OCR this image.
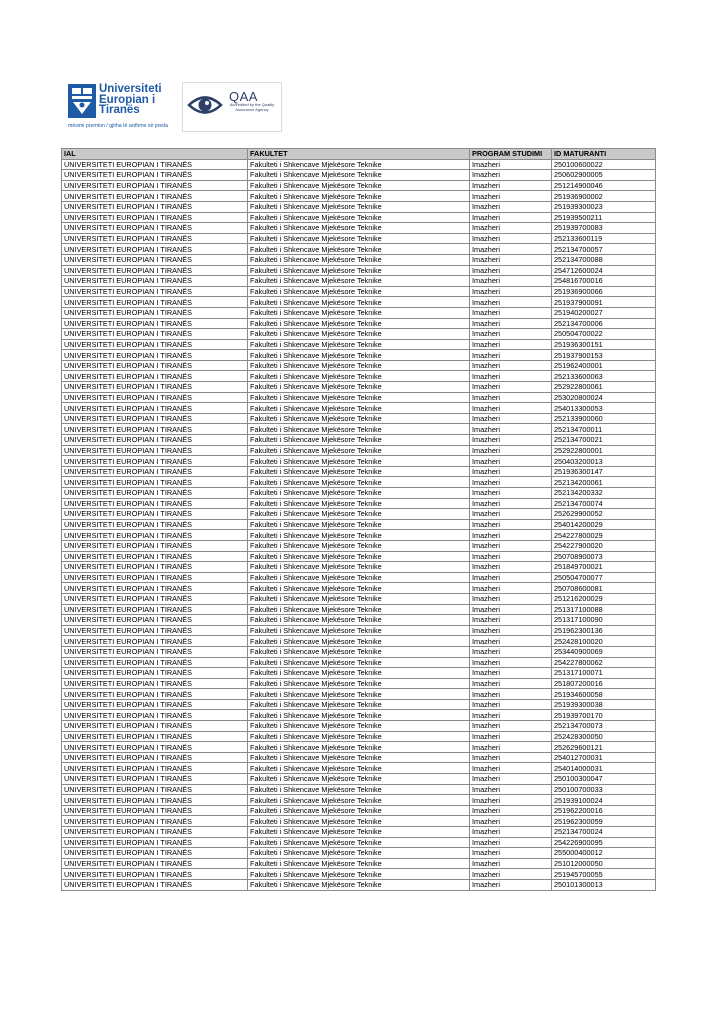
Universiteti
Europian i
Tiranës
mësimi premton / gjitha të ardhme së preda
QAA
Accredited by the Quality Assurance Agency
IAL	FAKULTET	PROGRAM STUDIMI	ID MATURANTI
UNIVERSITETI EUROPIAN I TIRANËS	Fakulteti i Shkencave Mjekësore Teknike	Imazheri	250100600022
UNIVERSITETI EUROPIAN I TIRANËS	Fakulteti i Shkencave Mjekësore Teknike	Imazheri	250602900005
UNIVERSITETI EUROPIAN I TIRANËS	Fakulteti i Shkencave Mjekësore Teknike	Imazheri	251214900046
UNIVERSITETI EUROPIAN I TIRANËS	Fakulteti i Shkencave Mjekësore Teknike	Imazheri	251936900002
UNIVERSITETI EUROPIAN I TIRANËS	Fakulteti i Shkencave Mjekësore Teknike	Imazheri	251939300023
UNIVERSITETI EUROPIAN I TIRANËS	Fakulteti i Shkencave Mjekësore Teknike	Imazheri	251939500211
UNIVERSITETI EUROPIAN I TIRANËS	Fakulteti i Shkencave Mjekësore Teknike	Imazheri	251939700083
UNIVERSITETI EUROPIAN I TIRANËS	Fakulteti i Shkencave Mjekësore Teknike	Imazheri	252133600119
UNIVERSITETI EUROPIAN I TIRANËS	Fakulteti i Shkencave Mjekësore Teknike	Imazheri	252134700057
UNIVERSITETI EUROPIAN I TIRANËS	Fakulteti i Shkencave Mjekësore Teknike	Imazheri	252134700088
UNIVERSITETI EUROPIAN I TIRANËS	Fakulteti i Shkencave Mjekësore Teknike	Imazheri	254712600024
UNIVERSITETI EUROPIAN I TIRANËS	Fakulteti i Shkencave Mjekësore Teknike	Imazheri	254816700016
UNIVERSITETI EUROPIAN I TIRANËS	Fakulteti i Shkencave Mjekësore Teknike	Imazheri	251936900066
UNIVERSITETI EUROPIAN I TIRANËS	Fakulteti i Shkencave Mjekësore Teknike	Imazheri	251937900091
UNIVERSITETI EUROPIAN I TIRANËS	Fakulteti i Shkencave Mjekësore Teknike	Imazheri	251940200027
UNIVERSITETI EUROPIAN I TIRANËS	Fakulteti i Shkencave Mjekësore Teknike	Imazheri	252134700006
UNIVERSITETI EUROPIAN I TIRANËS	Fakulteti i Shkencave Mjekësore Teknike	Imazheri	250504700022
UNIVERSITETI EUROPIAN I TIRANËS	Fakulteti i Shkencave Mjekësore Teknike	Imazheri	251936300151
UNIVERSITETI EUROPIAN I TIRANËS	Fakulteti i Shkencave Mjekësore Teknike	Imazheri	251937900153
UNIVERSITETI EUROPIAN I TIRANËS	Fakulteti i Shkencave Mjekësore Teknike	Imazheri	251962400001
UNIVERSITETI EUROPIAN I TIRANËS	Fakulteti i Shkencave Mjekësore Teknike	Imazheri	252133600063
UNIVERSITETI EUROPIAN I TIRANËS	Fakulteti i Shkencave Mjekësore Teknike	Imazheri	252922800061
UNIVERSITETI EUROPIAN I TIRANËS	Fakulteti i Shkencave Mjekësore Teknike	Imazheri	253020800024
UNIVERSITETI EUROPIAN I TIRANËS	Fakulteti i Shkencave Mjekësore Teknike	Imazheri	254013300053
UNIVERSITETI EUROPIAN I TIRANËS	Fakulteti i Shkencave Mjekësore Teknike	Imazheri	252133900060
UNIVERSITETI EUROPIAN I TIRANËS	Fakulteti i Shkencave Mjekësore Teknike	Imazheri	252134700011
UNIVERSITETI EUROPIAN I TIRANËS	Fakulteti i Shkencave Mjekësore Teknike	Imazheri	252134700021
UNIVERSITETI EUROPIAN I TIRANËS	Fakulteti i Shkencave Mjekësore Teknike	Imazheri	252922800001
UNIVERSITETI EUROPIAN I TIRANËS	Fakulteti i Shkencave Mjekësore Teknike	Imazheri	250403200013
UNIVERSITETI EUROPIAN I TIRANËS	Fakulteti i Shkencave Mjekësore Teknike	Imazheri	251936300147
UNIVERSITETI EUROPIAN I TIRANËS	Fakulteti i Shkencave Mjekësore Teknike	Imazheri	252134200061
UNIVERSITETI EUROPIAN I TIRANËS	Fakulteti i Shkencave Mjekësore Teknike	Imazheri	252134200332
UNIVERSITETI EUROPIAN I TIRANËS	Fakulteti i Shkencave Mjekësore Teknike	Imazheri	252134700074
UNIVERSITETI EUROPIAN I TIRANËS	Fakulteti i Shkencave Mjekësore Teknike	Imazheri	252629900052
UNIVERSITETI EUROPIAN I TIRANËS	Fakulteti i Shkencave Mjekësore Teknike	Imazheri	254014200029
UNIVERSITETI EUROPIAN I TIRANËS	Fakulteti i Shkencave Mjekësore Teknike	Imazheri	254227800029
UNIVERSITETI EUROPIAN I TIRANËS	Fakulteti i Shkencave Mjekësore Teknike	Imazheri	254227900020
UNIVERSITETI EUROPIAN I TIRANËS	Fakulteti i Shkencave Mjekësore Teknike	Imazheri	250708900073
UNIVERSITETI EUROPIAN I TIRANËS	Fakulteti i Shkencave Mjekësore Teknike	Imazheri	251849700021
UNIVERSITETI EUROPIAN I TIRANËS	Fakulteti i Shkencave Mjekësore Teknike	Imazheri	250504700077
UNIVERSITETI EUROPIAN I TIRANËS	Fakulteti i Shkencave Mjekësore Teknike	Imazheri	250708600081
UNIVERSITETI EUROPIAN I TIRANËS	Fakulteti i Shkencave Mjekësore Teknike	Imazheri	251216200029
UNIVERSITETI EUROPIAN I TIRANËS	Fakulteti i Shkencave Mjekësore Teknike	Imazheri	251317100088
UNIVERSITETI EUROPIAN I TIRANËS	Fakulteti i Shkencave Mjekësore Teknike	Imazheri	251317100090
UNIVERSITETI EUROPIAN I TIRANËS	Fakulteti i Shkencave Mjekësore Teknike	Imazheri	251962300136
UNIVERSITETI EUROPIAN I TIRANËS	Fakulteti i Shkencave Mjekësore Teknike	Imazheri	252428100020
UNIVERSITETI EUROPIAN I TIRANËS	Fakulteti i Shkencave Mjekësore Teknike	Imazheri	253440900069
UNIVERSITETI EUROPIAN I TIRANËS	Fakulteti i Shkencave Mjekësore Teknike	Imazheri	254227800062
UNIVERSITETI EUROPIAN I TIRANËS	Fakulteti i Shkencave Mjekësore Teknike	Imazheri	251317100071
UNIVERSITETI EUROPIAN I TIRANËS	Fakulteti i Shkencave Mjekësore Teknike	Imazheri	251807200016
UNIVERSITETI EUROPIAN I TIRANËS	Fakulteti i Shkencave Mjekësore Teknike	Imazheri	251934600058
UNIVERSITETI EUROPIAN I TIRANËS	Fakulteti i Shkencave Mjekësore Teknike	Imazheri	251939300038
UNIVERSITETI EUROPIAN I TIRANËS	Fakulteti i Shkencave Mjekësore Teknike	Imazheri	251939700170
UNIVERSITETI EUROPIAN I TIRANËS	Fakulteti i Shkencave Mjekësore Teknike	Imazheri	252134700073
UNIVERSITETI EUROPIAN I TIRANËS	Fakulteti i Shkencave Mjekësore Teknike	Imazheri	252428300050
UNIVERSITETI EUROPIAN I TIRANËS	Fakulteti i Shkencave Mjekësore Teknike	Imazheri	252629600121
UNIVERSITETI EUROPIAN I TIRANËS	Fakulteti i Shkencave Mjekësore Teknike	Imazheri	254012700031
UNIVERSITETI EUROPIAN I TIRANËS	Fakulteti i Shkencave Mjekësore Teknike	Imazheri	254014000031
UNIVERSITETI EUROPIAN I TIRANËS	Fakulteti i Shkencave Mjekësore Teknike	Imazheri	250100300047
UNIVERSITETI EUROPIAN I TIRANËS	Fakulteti i Shkencave Mjekësore Teknike	Imazheri	250100700033
UNIVERSITETI EUROPIAN I TIRANËS	Fakulteti i Shkencave Mjekësore Teknike	Imazheri	251939100024
UNIVERSITETI EUROPIAN I TIRANËS	Fakulteti i Shkencave Mjekësore Teknike	Imazheri	251962200016
UNIVERSITETI EUROPIAN I TIRANËS	Fakulteti i Shkencave Mjekësore Teknike	Imazheri	251962300059
UNIVERSITETI EUROPIAN I TIRANËS	Fakulteti i Shkencave Mjekësore Teknike	Imazheri	252134700024
UNIVERSITETI EUROPIAN I TIRANËS	Fakulteti i Shkencave Mjekësore Teknike	Imazheri	254226900095
UNIVERSITETI EUROPIAN I TIRANËS	Fakulteti i Shkencave Mjekësore Teknike	Imazheri	255000400012
UNIVERSITETI EUROPIAN I TIRANËS	Fakulteti i Shkencave Mjekësore Teknike	Imazheri	251012000050
UNIVERSITETI EUROPIAN I TIRANËS	Fakulteti i Shkencave Mjekësore Teknike	Imazheri	251945700055
UNIVERSITETI EUROPIAN I TIRANËS	Fakulteti i Shkencave Mjekësore Teknike	Imazheri	250101300013
